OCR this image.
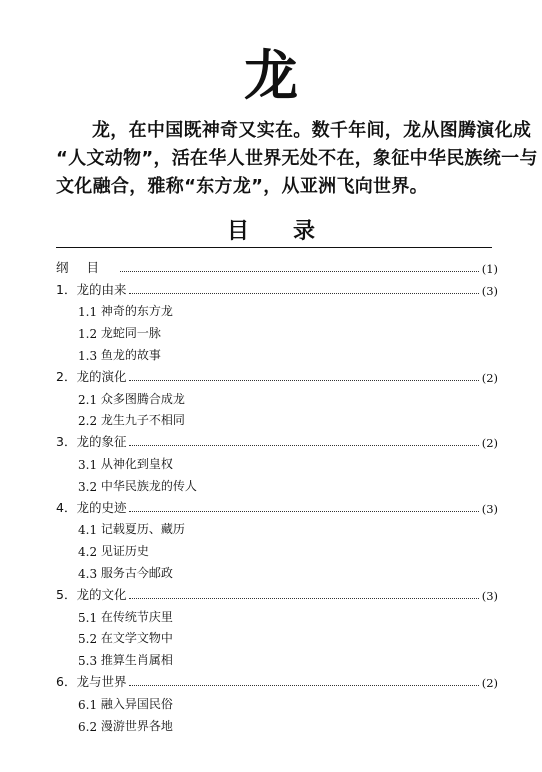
龙

龙，在中国既神奇又实在。数千年间，龙从图腾演化成

“人文动物”，活在华人世界无处不在，象征中华民族统一与

文化融合，雅称“东方龙”，从亚洲飞向世界。

目录
纲目	(1)
1． 龙的由来	(3)
1.1 神奇的东方龙
1.2 龙蛇同一脉
1.3 鱼龙的故事
2． 龙的演化	(2)
2.1 众多图腾合成龙
2.2 龙生九子不相同
3． 龙的象征	(2)
3.1 从神化到皇权
3.2 中华民族龙的传人
4． 龙的史迹	(3)
4.1 记载夏历、藏历
4.2 见证历史
4.3 服务古今邮政
5． 龙的文化	(3)
5.1 在传统节庆里
5.2 在文学文物中
5.3 推算生肖属相
6． 龙与世界	(2)
6.1 融入异国民俗
6.2 漫游世界各地
